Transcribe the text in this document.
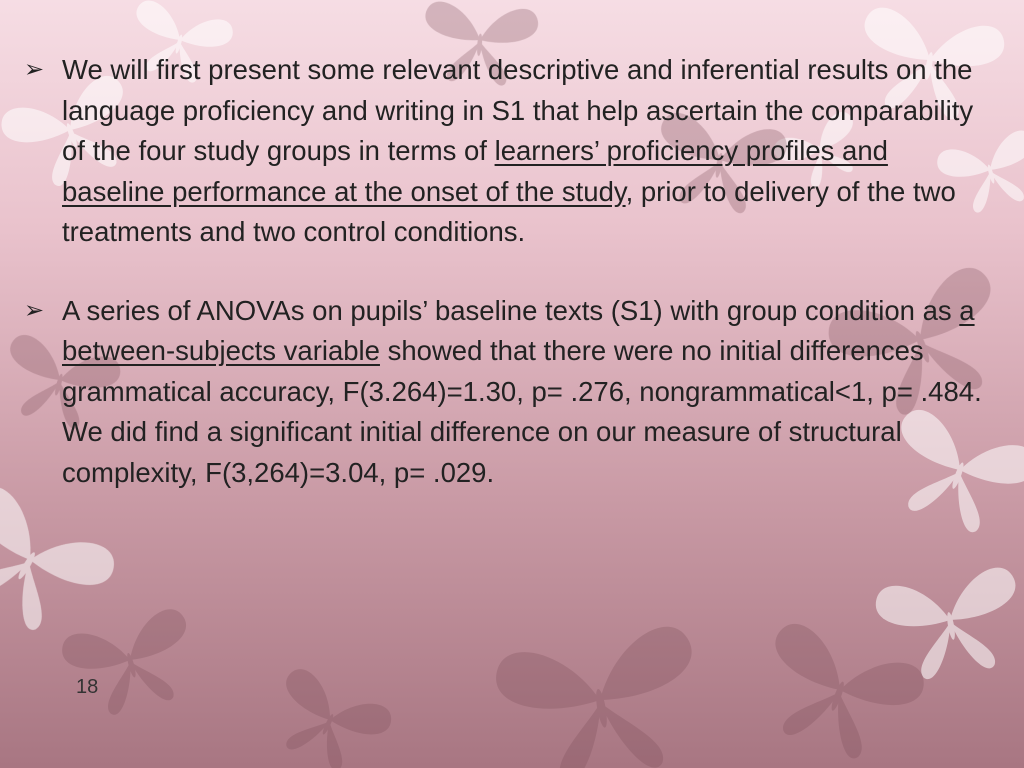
➢ We will first present some relevant descriptive and inferential results on the language proficiency and writing in S1 that help ascertain the comparability of the four study groups in terms of learners’ proficiency profiles and baseline performance at the onset of the study, prior to delivery of the two treatments and two control conditions.

➢ A series of ANOVAs on pupils’ baseline texts (S1) with group condition as a between-subjects variable showed that there were no initial differences grammatical accuracy, F(3.264)=1.30, p= .276, nongrammatical<1, p= .484. We did find a significant initial difference on our measure of structural complexity, F(3,264)=3.04, p= .029.

18
